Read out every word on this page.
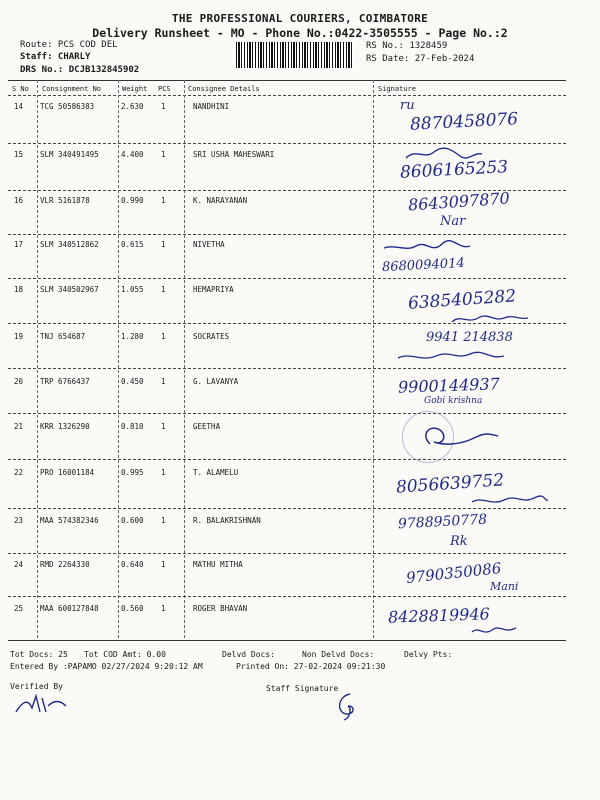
THE PROFESSIONAL COURIERS, COIMBATORE
Delivery Runsheet - MO - Phone No.:0422-3505555 - Page No.:2
Route: PCS COD DEL
Staff: CHARLY
DRS No.: DCJB132845902
RS No.: 1328459
RS Date: 27-Feb-2024
S No Consignment No	Weight PCS Consignee Details	Signature
14 TCG 50586383	2.630 1	NANDHINI	ru
8870458076
15 SLM 340491495	4.400 1	SRI USHA MAHESWARI
8606165253
16 VLR 5161878	0.990 1	K. NARAYANAN	8643097870
Nar
17 SLM 340512862	0.615 1	NIVETHA
8680094014
18 SLM 340502967	1.055 1	HEMAPRIYA	6385405282
19 TNJ 654687	1.280 1	SOCRATES	9941 214838
20 TRP 6766437	0.450 1	G. LAVANYA	9900144937
Gobi krishna
21 KRR 1326290	0.810 1	GEETHA
22 PRO 16001184	0.995 1	T. ALAMELU	8056639752
23 MAA 574382346	0.600 1	R. BALAKRISHNAN	9788950778
Rk
24 RMD 2264330	0.640 1	MATHU MITHA	9790350086
Mani
25 MAA 600127848	0.560 1	ROGER BHAVAN	8428819946
Tot Docs: 25 Tot COD Amt: 0.00	Delvd Docs:	Non Delvd Docs:	Delvy Pts:
Entered By :PAPAMO 02/27/2024 9:20:12 AM	Printed On: 27-02-2024 09:21:30
Verified By	Staff Signature
